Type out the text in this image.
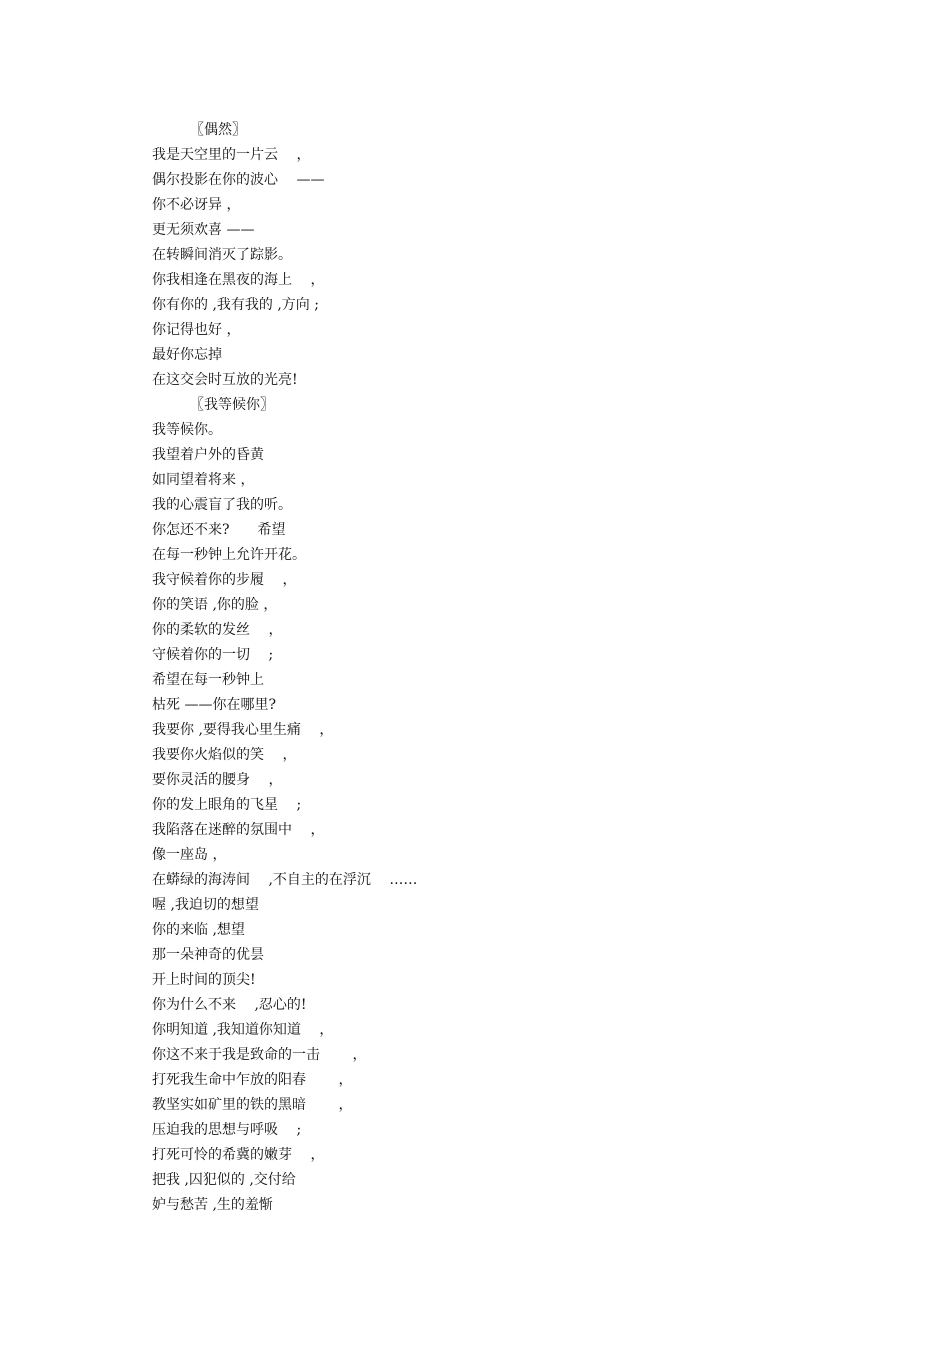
〖偶然〗

我是天空里的一片云　 ，

偶尔投影在你的波心　 ——

你不必讶异 ，

更无须欢喜 ——

在转瞬间消灭了踪影。

你我相逢在黑夜的海上　 ，

你有你的 ,我有我的 ,方向 ;

你记得也好 ，

最好你忘掉

在这交会时互放的光亮!

〖我等候你〗

我等候你。

我望着户外的昏黄

如同望着将来 ，

我的心震盲了我的听。

你怎还不来?　　希望

在每一秒钟上允许开花。

我守候着你的步履　 ，

你的笑语 ,你的脸 ，

你的柔软的发丝　 ，

守候着你的一切　 ;

希望在每一秒钟上

枯死 ——你在哪里?

我要你 ,要得我心里生痛　 ，

我要你火焰似的笑　 ，

要你灵活的腰身　 ，

你的发上眼角的飞星　 ;

我陷落在迷醉的氛围中　 ，

像一座岛 ，

在蟒绿的海涛间　 ,不自主的在浮沉　 ……

喔 ,我迫切的想望

你的来临 ,想望

那一朵神奇的优昙

开上时间的顶尖!

你为什么不来　 ,忍心的!

你明知道 ,我知道你知道　 ，

你这不来于我是致命的一击　　 ，

打死我生命中乍放的阳春　　 ，

教坚实如矿里的铁的黑暗　　 ，

压迫我的思想与呼吸　 ;

打死可怜的希冀的嫩芽　 ，

把我 ,囚犯似的 ,交付给

妒与愁苦 ,生的羞惭
